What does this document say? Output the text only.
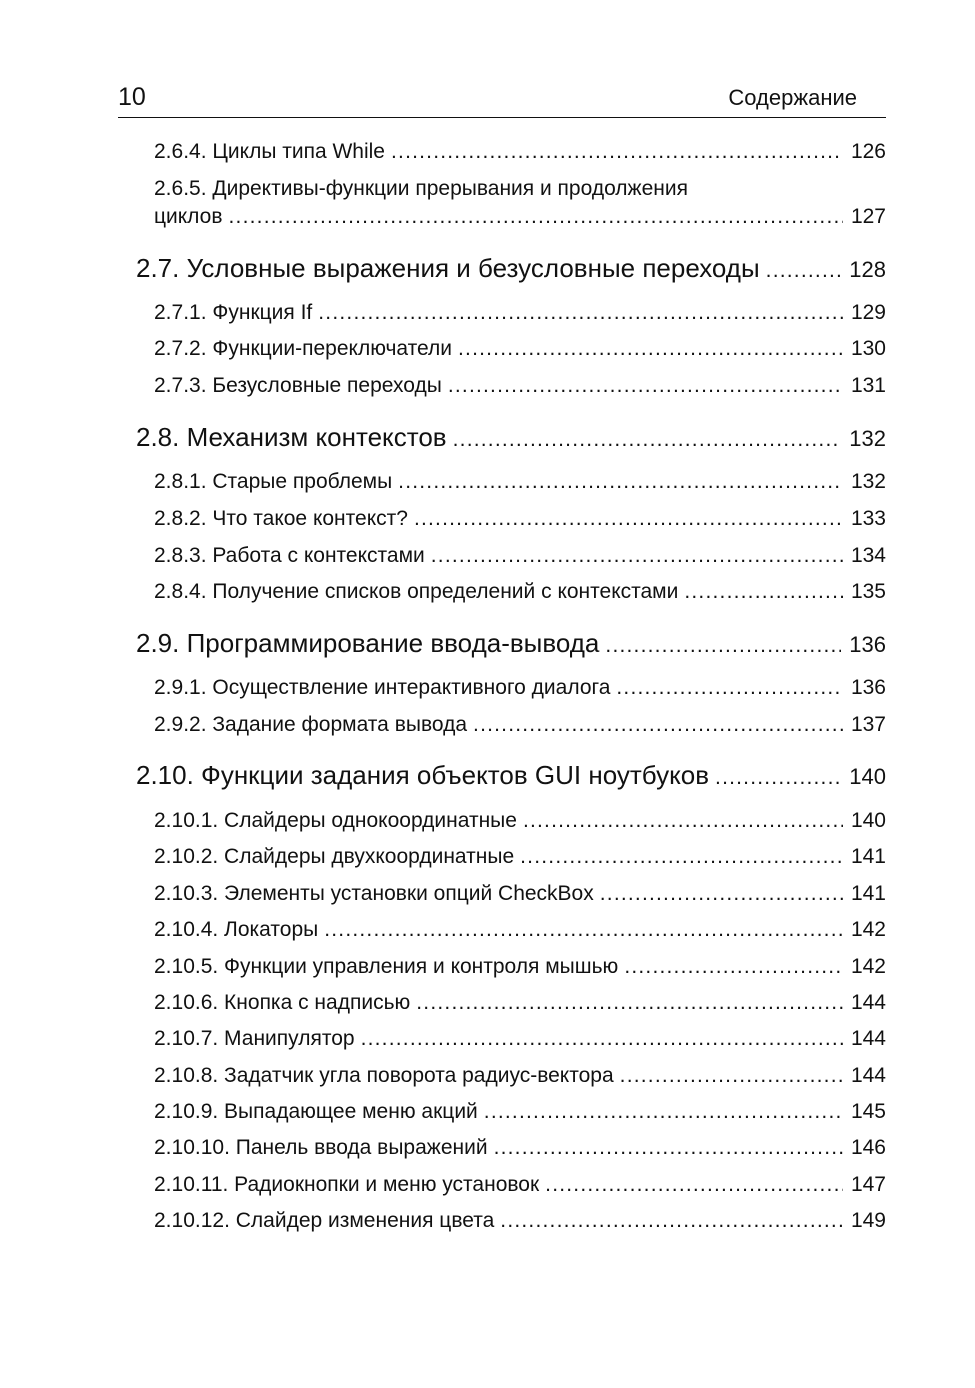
10	Содержание
2.6.4. Циклы типа While .....	126
2.6.5. Директивы-функции прерывания и продолжения
циклов .....	127
2.7. Условные выражения и безусловные переходы .....	128
2.7.1. Функция If .....	129
2.7.2. Функции-переключатели .....	130
2.7.3. Безусловные переходы .....	131
2.8. Механизм контекстов .....	132
2.8.1. Старые проблемы .....	132
2.8.2. Что такое контекст? .....	133
2.8.3. Работа с контекстами .....	134
2.8.4. Получение списков определений с контекстами .....	135
2.9. Программирование ввода-вывода .....	136
2.9.1. Осуществление интерактивного диалога .....	136
2.9.2. Задание формата вывода .....	137
2.10. Функции задания объектов GUI ноутбуков .....	140
2.10.1. Слайдеры однокоординатные .....	140
2.10.2. Слайдеры двухкоординатные .....	141
2.10.3. Элементы установки опций CheckBox .....	141
2.10.4. Локаторы .....	142
2.10.5. Функции управления и контроля мышью .....	142
2.10.6. Кнопка с надписью .....	144
2.10.7. Манипулятор .....	144
2.10.8. Задатчик угла поворота радиус-вектора .....	144
2.10.9. Выпадающее меню акций .....	145
2.10.10. Панель ввода выражений .....	146
2.10.11. Радиокнопки и меню установок .....	147
2.10.12. Слайдер изменения цвета .....	149
